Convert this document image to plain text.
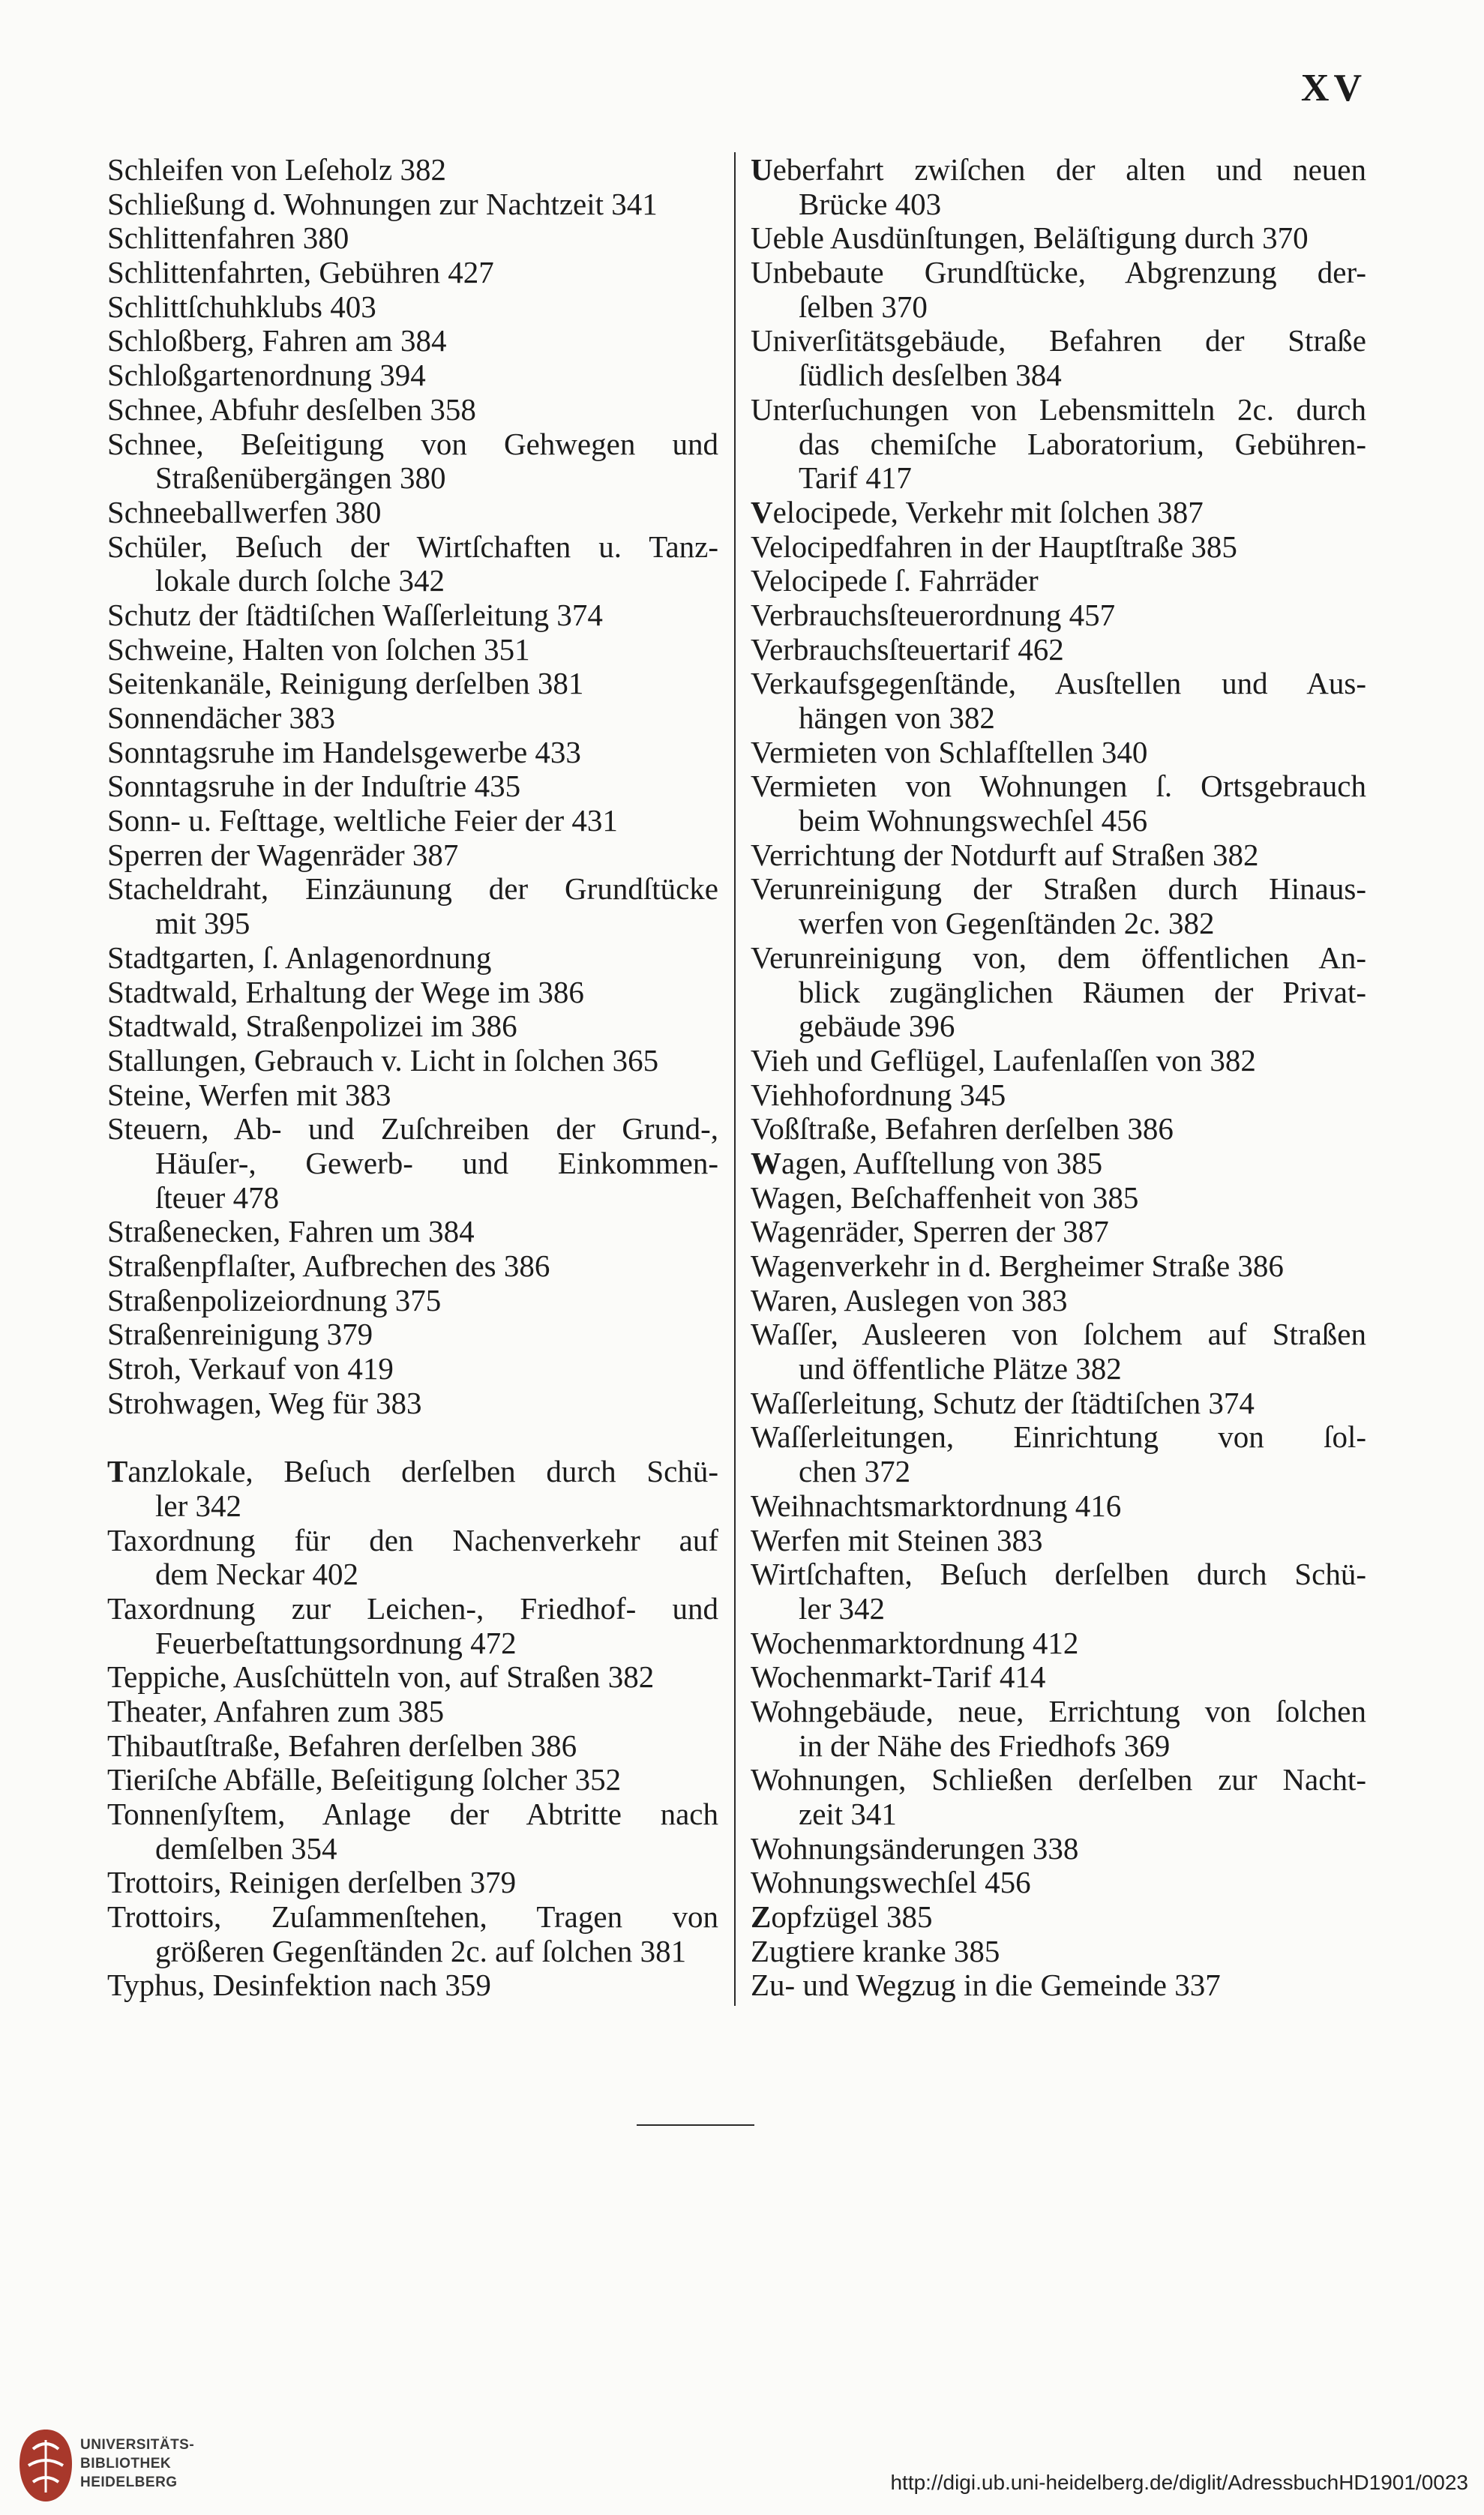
XV
Schleifen von Leſeholz 382
Schließung d. Wohnungen zur Nachtzeit 341
Schlittenfahren 380
Schlittenfahrten, Gebühren 427
Schlittſchuhklubs 403
Schloßberg, Fahren am 384
Schloßgartenordnung 394
Schnee, Abfuhr desſelben 358
Schnee, Beſeitigung von Gehwegen und
Straßenübergängen 380
Schneeballwerfen 380
Schüler, Beſuch der Wirtſchaften u. Tanz-
lokale durch ſolche 342
Schutz der ſtädtiſchen Waſſerleitung 374
Schweine, Halten von ſolchen 351
Seitenkanäle, Reinigung derſelben 381
Sonnendächer 383
Sonntagsruhe im Handelsgewerbe 433
Sonntagsruhe in der Induſtrie 435
Sonn- u. Feſttage, weltliche Feier der 431
Sperren der Wagenräder 387
Stacheldraht, Einzäunung der Grundſtücke
mit 395
Stadtgarten, ſ. Anlagenordnung
Stadtwald, Erhaltung der Wege im 386
Stadtwald, Straßenpolizei im 386
Stallungen, Gebrauch v. Licht in ſolchen 365
Steine, Werfen mit 383
Steuern, Ab- und Zuſchreiben der Grund-,
Häuſer-, Gewerb- und Einkommen-
ſteuer 478
Straßenecken, Fahren um 384
Straßenpflaſter, Aufbrechen des 386
Straßenpolizeiordnung 375
Straßenreinigung 379
Stroh, Verkauf von 419
Strohwagen, Weg für 383
Tanzlokale, Beſuch derſelben durch Schü-
ler 342
Taxordnung für den Nachenverkehr auf
dem Neckar 402
Taxordnung zur Leichen-, Friedhof- und
Feuerbeſtattungsordnung 472
Teppiche, Ausſchütteln von, auf Straßen 382
Theater, Anfahren zum 385
Thibautſtraße, Befahren derſelben 386
Tieriſche Abfälle, Beſeitigung ſolcher 352
Tonnenſyſtem, Anlage der Abtritte nach
demſelben 354
Trottoirs, Reinigen derſelben 379
Trottoirs, Zuſammenſtehen, Tragen von
größeren Gegenſtänden 2c. auf ſolchen 381
Typhus, Desinfektion nach 359
Ueberfahrt zwiſchen der alten und neuen
Brücke 403
Ueble Ausdünſtungen, Beläſtigung durch 370
Unbebaute Grundſtücke, Abgrenzung der-
ſelben 370
Univerſitätsgebäude, Befahren der Straße
ſüdlich desſelben 384
Unterſuchungen von Lebensmitteln 2c. durch
das chemiſche Laboratorium, Gebühren-
Tarif 417
Velocipede, Verkehr mit ſolchen 387
Velocipedfahren in der Hauptſtraße 385
Velocipede ſ. Fahrräder
Verbrauchsſteuerordnung 457
Verbrauchsſteuertarif 462
Verkaufsgegenſtände, Ausſtellen und Aus-
hängen von 382
Vermieten von Schlafſtellen 340
Vermieten von Wohnungen ſ. Ortsgebrauch
beim Wohnungswechſel 456
Verrichtung der Notdurft auf Straßen 382
Verunreinigung der Straßen durch Hinaus-
werfen von Gegenſtänden 2c. 382
Verunreinigung von, dem öffentlichen An-
blick zugänglichen Räumen der Privat-
gebäude 396
Vieh und Geflügel, Laufenlaſſen von 382
Viehhofordnung 345
Voßſtraße, Befahren derſelben 386
Wagen, Aufſtellung von 385
Wagen, Beſchaffenheit von 385
Wagenräder, Sperren der 387
Wagenverkehr in d. Bergheimer Straße 386
Waren, Auslegen von 383
Waſſer, Ausleeren von ſolchem auf Straßen
und öffentliche Plätze 382
Waſſerleitung, Schutz der ſtädtiſchen 374
Waſſerleitungen, Einrichtung von ſol-
chen 372
Weihnachtsmarktordnung 416
Werfen mit Steinen 383
Wirtſchaften, Beſuch derſelben durch Schü-
ler 342
Wochenmarktordnung 412
Wochenmarkt-Tarif 414
Wohngebäude, neue, Errichtung von ſolchen
in der Nähe des Friedhofs 369
Wohnungen, Schließen derſelben zur Nacht-
zeit 341
Wohnungsänderungen 338
Wohnungswechſel 456
Zopfzügel 385
Zugtiere kranke 385
Zu- und Wegzug in die Gemeinde 337
UNIVERSITÄTS-
BIBLIOTHEK
HEIDELBERG	http://digi.ub.uni-heidelberg.de/diglit/AdressbuchHD1901/0023
